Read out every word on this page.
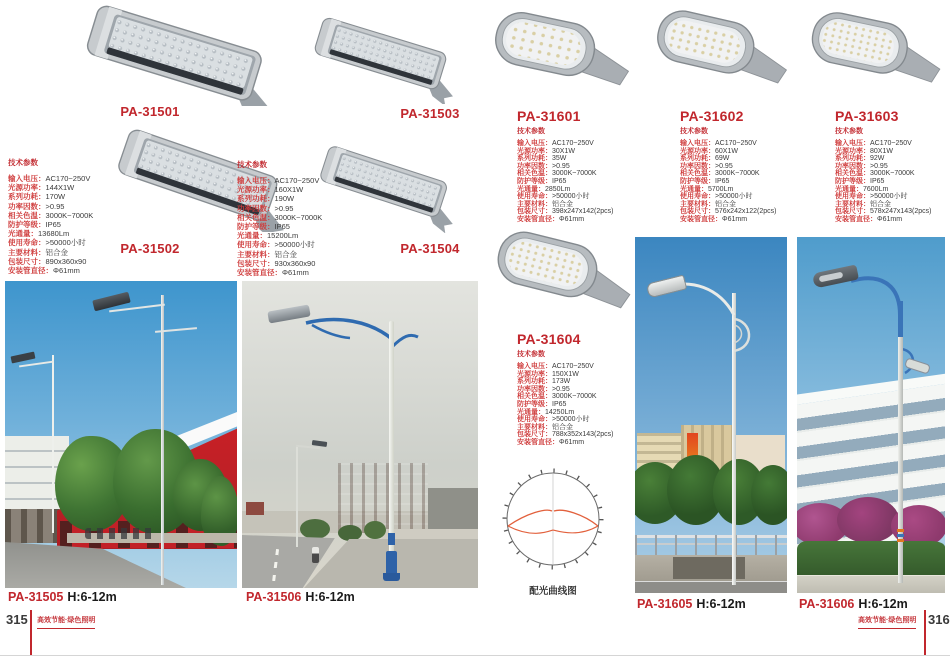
PA-31501	PA-31503
技术参数
输入电压：AC170~250V
光源功率：144X1W
系列功耗：170W
功率因数：>0.95
相关色温：3000K~7000K
防护等级：IP65
光通量：13680Lm
使用寿命：>50000小时
主要材料：铝合金
包装尺寸：890x360x90
安装管直径：Φ61mm
PA-31502
技术参数
输入电压：AC170~250V
光源功率：160X1W
系列功耗：190W
功率因数：>0.95
相关色温：3000K~7000K
防护等级：IP65
光通量：15200Lm
使用寿命：>50000小时
主要材料：铝合金
包装尺寸：930x360x90
安装管直径：Φ61mm
PA-31504
PA-31505 H:6-12m	PA-31506 H:6-12m
315 高效节能·绿色照明
PA-31601
技术参数
输入电压：AC170~250V
光源功率：30X1W
系列功耗：35W
功率因数：>0.95
相关色温：3000K~7000K
防护等级：IP65
光通量：2850Lm
使用寿命：>50000小时
主要材料：铝合金
包装尺寸：398x247x142(2pcs)
安装管直径：Φ61mm
PA-31602
技术参数
输入电压：AC170~250V
光源功率：60X1W
系列功耗：69W
功率因数：>0.95
相关色温：3000K~7000K
防护等级：IP65
光通量：5700Lm
使用寿命：>50000小时
主要材料：铝合金
包装尺寸：576x242x122(2pcs)
安装管直径：Φ61mm
PA-31603
技术参数
输入电压：AC170~250V
光源功率：80X1W
系列功耗：92W
功率因数：>0.95
相关色温：3000K~7000K
防护等级：IP65
光通量：7600Lm
使用寿命：>50000小时
主要材料：铝合金
包装尺寸：578x247x143(2pcs)
安装管直径：Φ61mm
PA-31604
技术参数
输入电压：AC170~250V
光源功率：150X1W
系列功耗：173W
功率因数：>0.95
相关色温：3000K~7000K
防护等级：IP65
光通量：14250Lm
使用寿命：>50000小时
主要材料：铝合金
包装尺寸：788x352x143(2pcs)
安装管直径：Φ61mm
配光曲线图
PA-31605 H:6-12m	PA-31606 H:6-12m
高效节能·绿色照明 316
